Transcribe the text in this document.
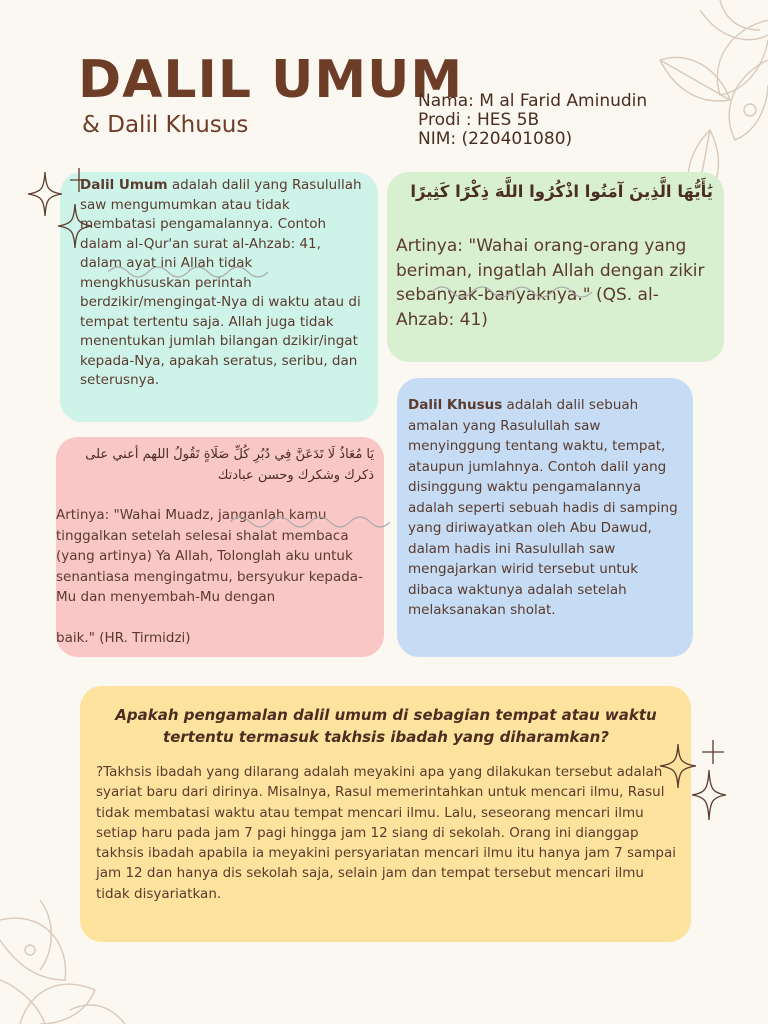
DALIL UMUM
& Dalil Khusus
Nama: M al Farid Aminudin
Prodi : HES 5B
NIM: (220401080)
Dalil Umum adalah dalil yang Rasulullah saw mengumumkan atau tidak membatasi pengamalannya. Contoh dalam al-Qur'an surat al-Ahzab: 41, dalam ayat ini Allah tidak mengkhususkan perintah berdzikir/mengingat-Nya di waktu atau di tempat tertentu saja. Allah juga tidak menentukan jumlah bilangan dzikir/ingat kepada-Nya, apakah seratus, seribu, dan seterusnya.
يَٰأَيُّهَا الَّذِينَ آمَنُوا اذْكُرُوا اللَّهَ ذِكْرًا كَثِيرًا
Artinya: "Wahai orang-orang yang beriman, ingatlah Allah dengan zikir sebanyak-banyaknya." (QS. al-Ahzab: 41)
يَا مُعَاذُ لَا تَدَعَنَّ فِي دُبُرِ كُلِّ صَلَاةٍ تَقُولُ اللهم أعني على ذكرك وشكرك وحسن عبادتك
Artinya: "Wahai Muadz, janganlah kamu tinggalkan setelah selesai shalat membaca (yang artinya) Ya Allah, Tolonglah aku untuk senantiasa mengingatmu, bersyukur kepada-Mu dan menyembah-Mu dengan
baik." (HR. Tirmidzi)
Dalil Khusus adalah dalil sebuah amalan yang Rasulullah saw menyinggung tentang waktu, tempat, ataupun jumlahnya. Contoh dalil yang disinggung waktu pengamalannya adalah seperti sebuah hadis di samping yang diriwayatkan oleh Abu Dawud, dalam hadis ini Rasulullah saw mengajarkan wirid tersebut untuk dibaca waktunya adalah setelah melaksanakan sholat.
Apakah pengamalan dalil umum di sebagian tempat atau waktu tertentu termasuk takhsis ibadah yang diharamkan?
?Takhsis ibadah yang dilarang adalah meyakini apa yang dilakukan tersebut adalah syariat baru dari dirinya. Misalnya, Rasul memerintahkan untuk mencari ilmu, Rasul tidak membatasi waktu atau tempat mencari ilmu. Lalu, seseorang mencari ilmu setiap haru pada jam 7 pagi hingga jam 12 siang di sekolah. Orang ini dianggap takhsis ibadah apabila ia meyakini persyariatan mencari ilmu itu hanya jam 7 sampai jam 12 dan hanya dis sekolah saja, selain jam dan tempat tersebut mencari ilmu tidak disyariatkan.
